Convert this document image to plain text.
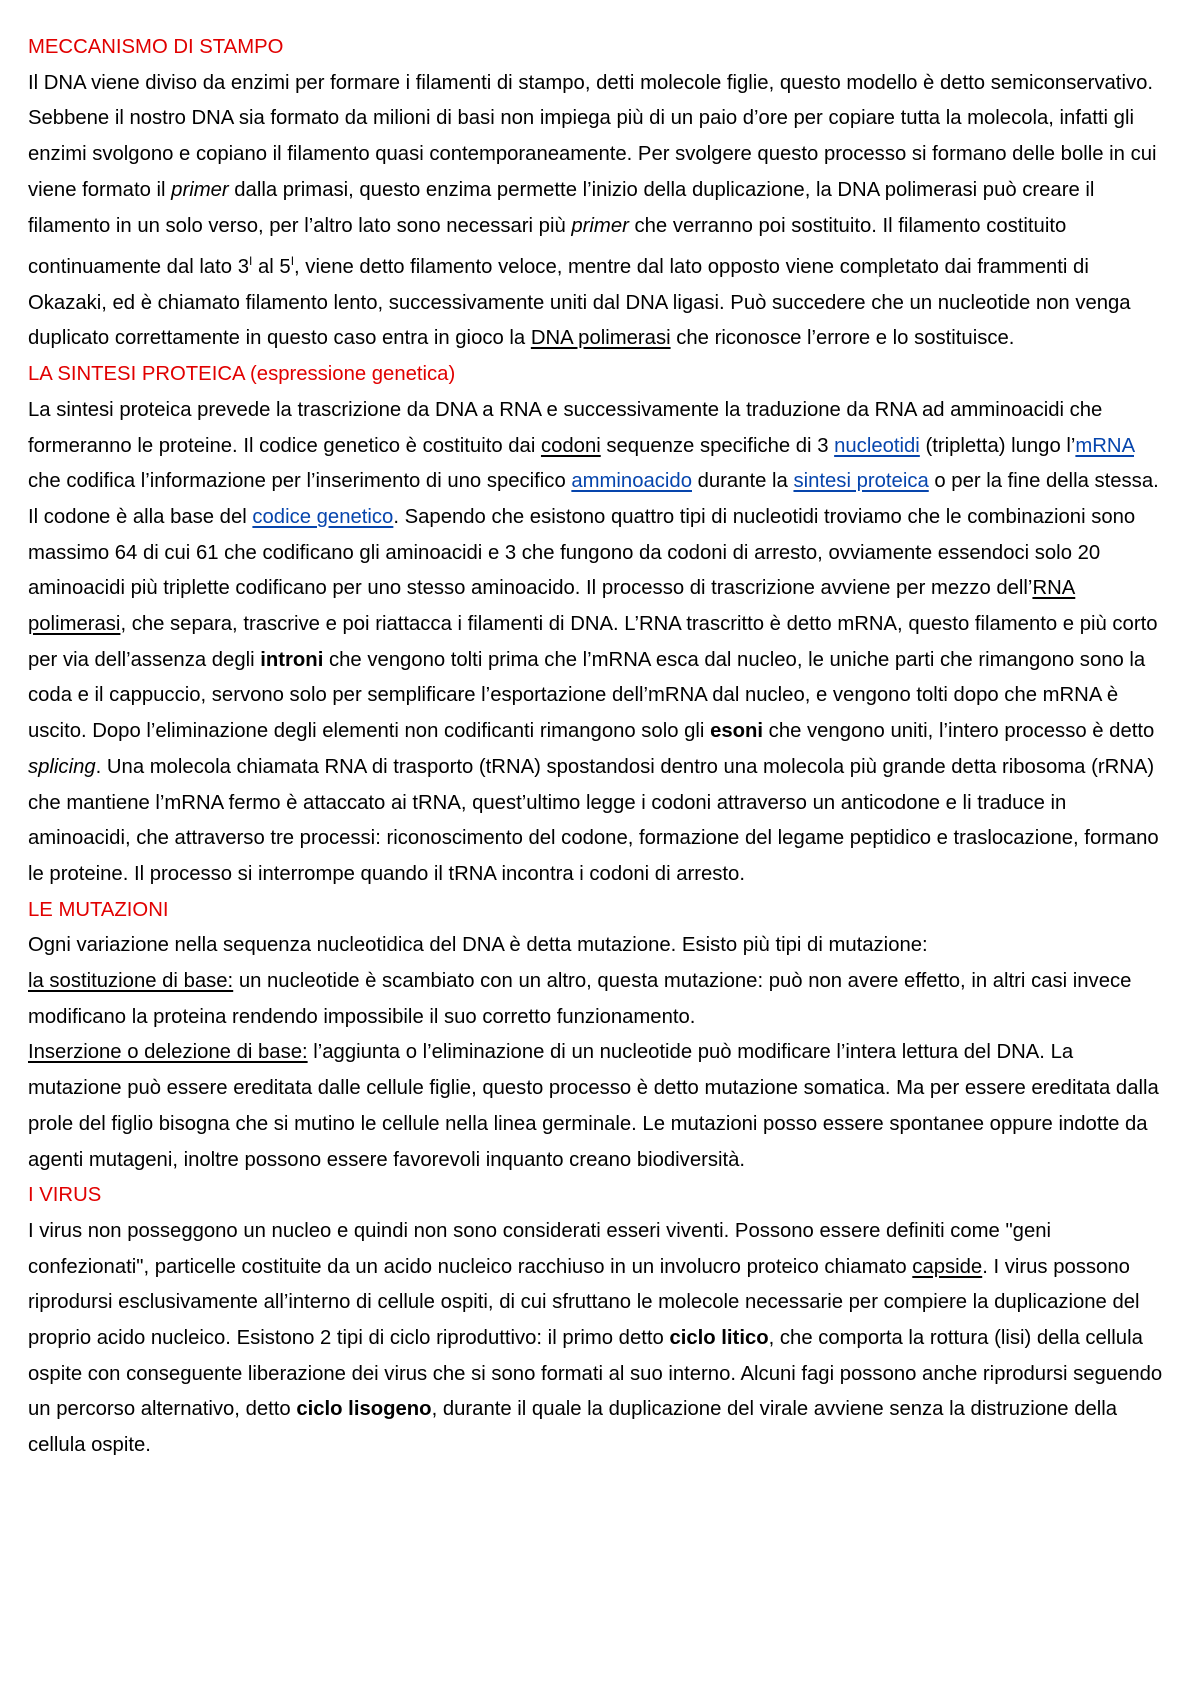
MECCANISMO DI STAMPO

Il DNA viene diviso da enzimi per formare i filamenti di stampo, detti molecole figlie, questo modello è detto semiconservativo. Sebbene il nostro DNA sia formato da milioni di basi non impiega più di un paio d’ore per copiare tutta la molecola, infatti gli enzimi svolgono e copiano il filamento quasi contemporaneamente. Per svolgere questo processo si formano delle bolle in cui viene formato il primer dalla primasi, questo enzima permette l’inizio della duplicazione, la DNA polimerasi può creare il filamento in un solo verso, per l’altro lato sono necessari più primer che verranno poi sostituito. Il filamento costituito continuamente dal lato $3^I$ al $5^I$, viene detto filamento veloce, mentre dal lato opposto viene completato dai frammenti di Okazaki, ed è chiamato filamento lento, successivamente uniti dal DNA ligasi. Può succedere che un nucleotide non venga duplicato correttamente in questo caso entra in gioco la DNA polimerasi che riconosce l’errore e lo sostituisce.

LA SINTESI PROTEICA (espressione genetica)

La sintesi proteica prevede la trascrizione da DNA a RNA e successivamente la traduzione da RNA ad amminoacidi che formeranno le proteine. Il codice genetico è costituito dai codoni sequenze specifiche di 3 nucleotidi (tripletta) lungo l’mRNA che codifica l’informazione per l’inserimento di uno specifico amminoacido durante la sintesi proteica o per la fine della stessa. Il codone è alla base del codice genetico. Sapendo che esistono quattro tipi di nucleotidi troviamo che le combinazioni sono massimo 64 di cui 61 che codificano gli aminoacidi e 3 che fungono da codoni di arresto, ovviamente essendoci solo 20 aminoacidi più triplette codificano per uno stesso aminoacido. Il processo di trascrizione avviene per mezzo dell’RNA polimerasi, che separa, trascrive e poi riattacca i filamenti di DNA. L’RNA trascritto è detto mRNA, questo filamento e più corto per via dell’assenza degli introni che vengono tolti prima che l’mRNA esca dal nucleo, le uniche parti che rimangono sono la coda e il cappuccio, servono solo per semplificare l’esportazione dell’mRNA dal nucleo, e vengono tolti dopo che mRNA è uscito. Dopo l’eliminazione degli elementi non codificanti rimangono solo gli esoni che vengono uniti, l’intero processo è detto splicing. Una molecola chiamata RNA di trasporto (tRNA) spostandosi dentro una molecola più grande detta ribosoma (rRNA) che mantiene l’mRNA fermo è attaccato ai tRNA, quest’ultimo legge i codoni attraverso un anticodone e li traduce in aminoacidi, che attraverso tre processi: riconoscimento del codone, formazione del legame peptidico e traslocazione, formano le proteine. Il processo si interrompe quando il tRNA incontra i codoni di arresto.

LE MUTAZIONI

Ogni variazione nella sequenza nucleotidica del DNA è detta mutazione. Esisto più tipi di mutazione:

la sostituzione di base: un nucleotide è scambiato con un altro, questa mutazione: può non avere effetto, in altri casi invece modificano la proteina rendendo impossibile il suo corretto funzionamento.

Inserzione o delezione di base: l’aggiunta o l’eliminazione di un nucleotide può modificare l’intera lettura del DNA. La mutazione può essere ereditata dalle cellule figlie, questo processo è detto mutazione somatica. Ma per essere ereditata dalla prole del figlio bisogna che si mutino le cellule nella linea germinale. Le mutazioni posso essere spontanee oppure indotte da agenti mutageni, inoltre possono essere favorevoli inquanto creano biodiversità.

I VIRUS

I virus non posseggono un nucleo e quindi non sono considerati esseri viventi. Possono essere definiti come "geni confezionati", particelle costituite da un acido nucleico racchiuso in un involucro proteico chiamato capside. I virus possono riprodursi esclusivamente all’interno di cellule ospiti, di cui sfruttano le molecole necessarie per compiere la duplicazione del proprio acido nucleico. Esistono 2 tipi di ciclo riproduttivo: il primo detto ciclo litico, che comporta la rottura (lisi) della cellula ospite con conseguente liberazione dei virus che si sono formati al suo interno. Alcuni fagi possono anche riprodursi seguendo un percorso alternativo, detto ciclo lisogeno, durante il quale la duplicazione del virale avviene senza la distruzione della cellula ospite.
